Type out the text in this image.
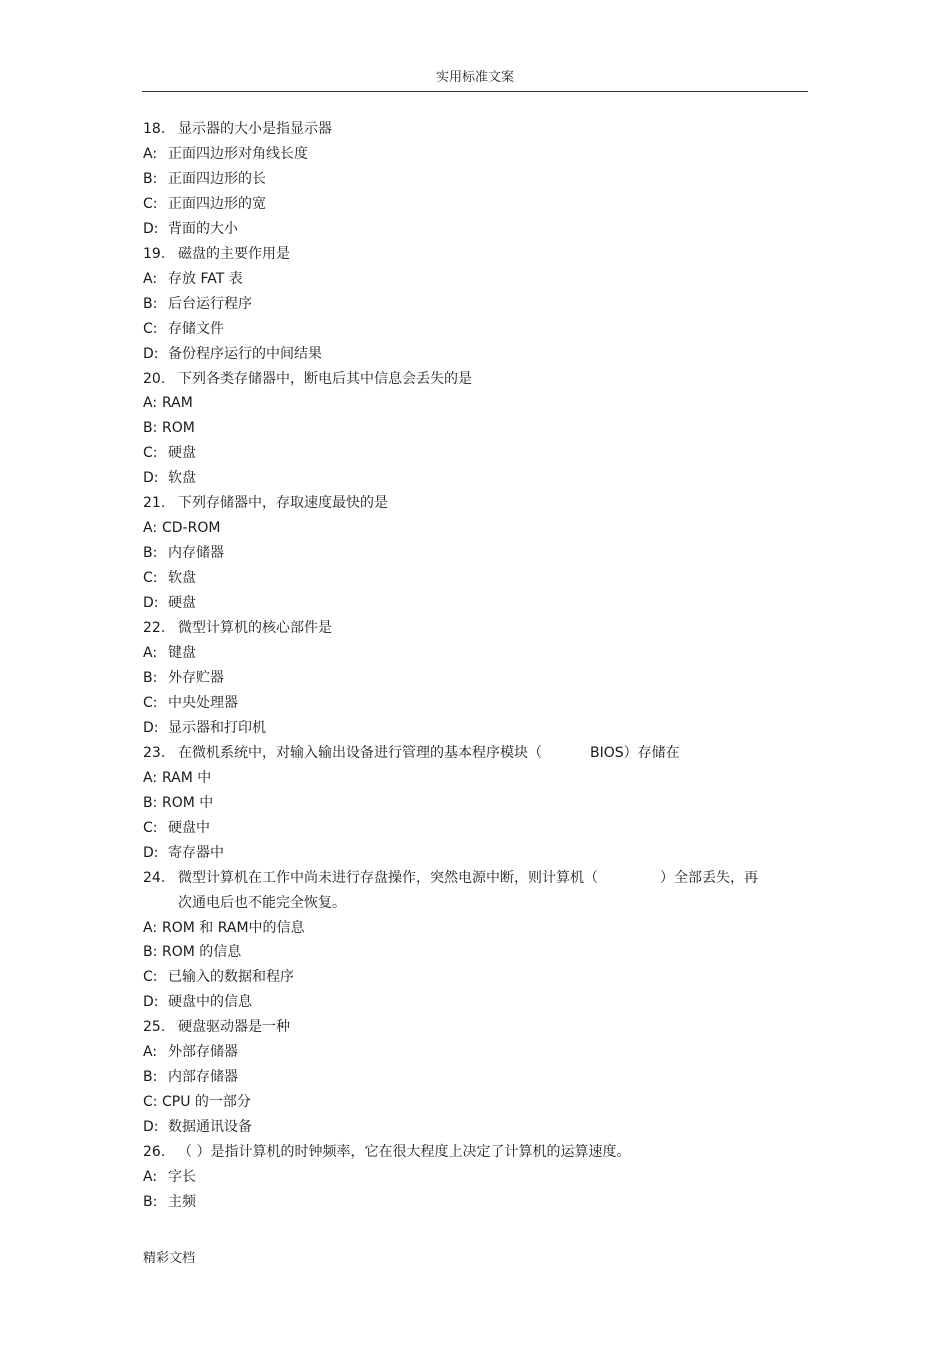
实用标准文案
18. 显示器的大小是指显示器
A: 正面四边形对角线长度
B: 正面四边形的长
C: 正面四边形的宽
D: 背面的大小
19. 磁盘的主要作用是
A: 存放 FAT 表
B: 后台运行程序
C: 存储文件
D: 备份程序运行的中间结果
20. 下列各类存储器中，断电后其中信息会丢失的是
A: RAM
B: ROM
C: 硬盘
D: 软盘
21. 下列存储器中，存取速度最快的是
A: CD-ROM
B: 内存储器
C: 软盘
D: 硬盘
22. 微型计算机的核心部件是
A: 键盘
B: 外存贮器
C: 中央处理器
D: 显示器和打印机
23. 在微机系统中，对输入输出设备进行管理的基本程序模块（	BIOS）存储在
A: RAM 中
B: ROM 中
C: 硬盘中
D: 寄存器中
24. 微型计算机在工作中尚未进行存盘操作，突然电源中断，则计算机（	）全部丢失，再
次通电后也不能完全恢复。
A: ROM 和 RAM中的信息
B: ROM 的信息
C: 已输入的数据和程序
D: 硬盘中的信息
25. 硬盘驱动器是一种
A: 外部存储器
B: 内部存储器
C: CPU 的一部分
D: 数据通讯设备
26. （ ）是指计算机的时钟频率，它在很大程度上决定了计算机的运算速度。
A: 字长
B: 主频
精彩文档
